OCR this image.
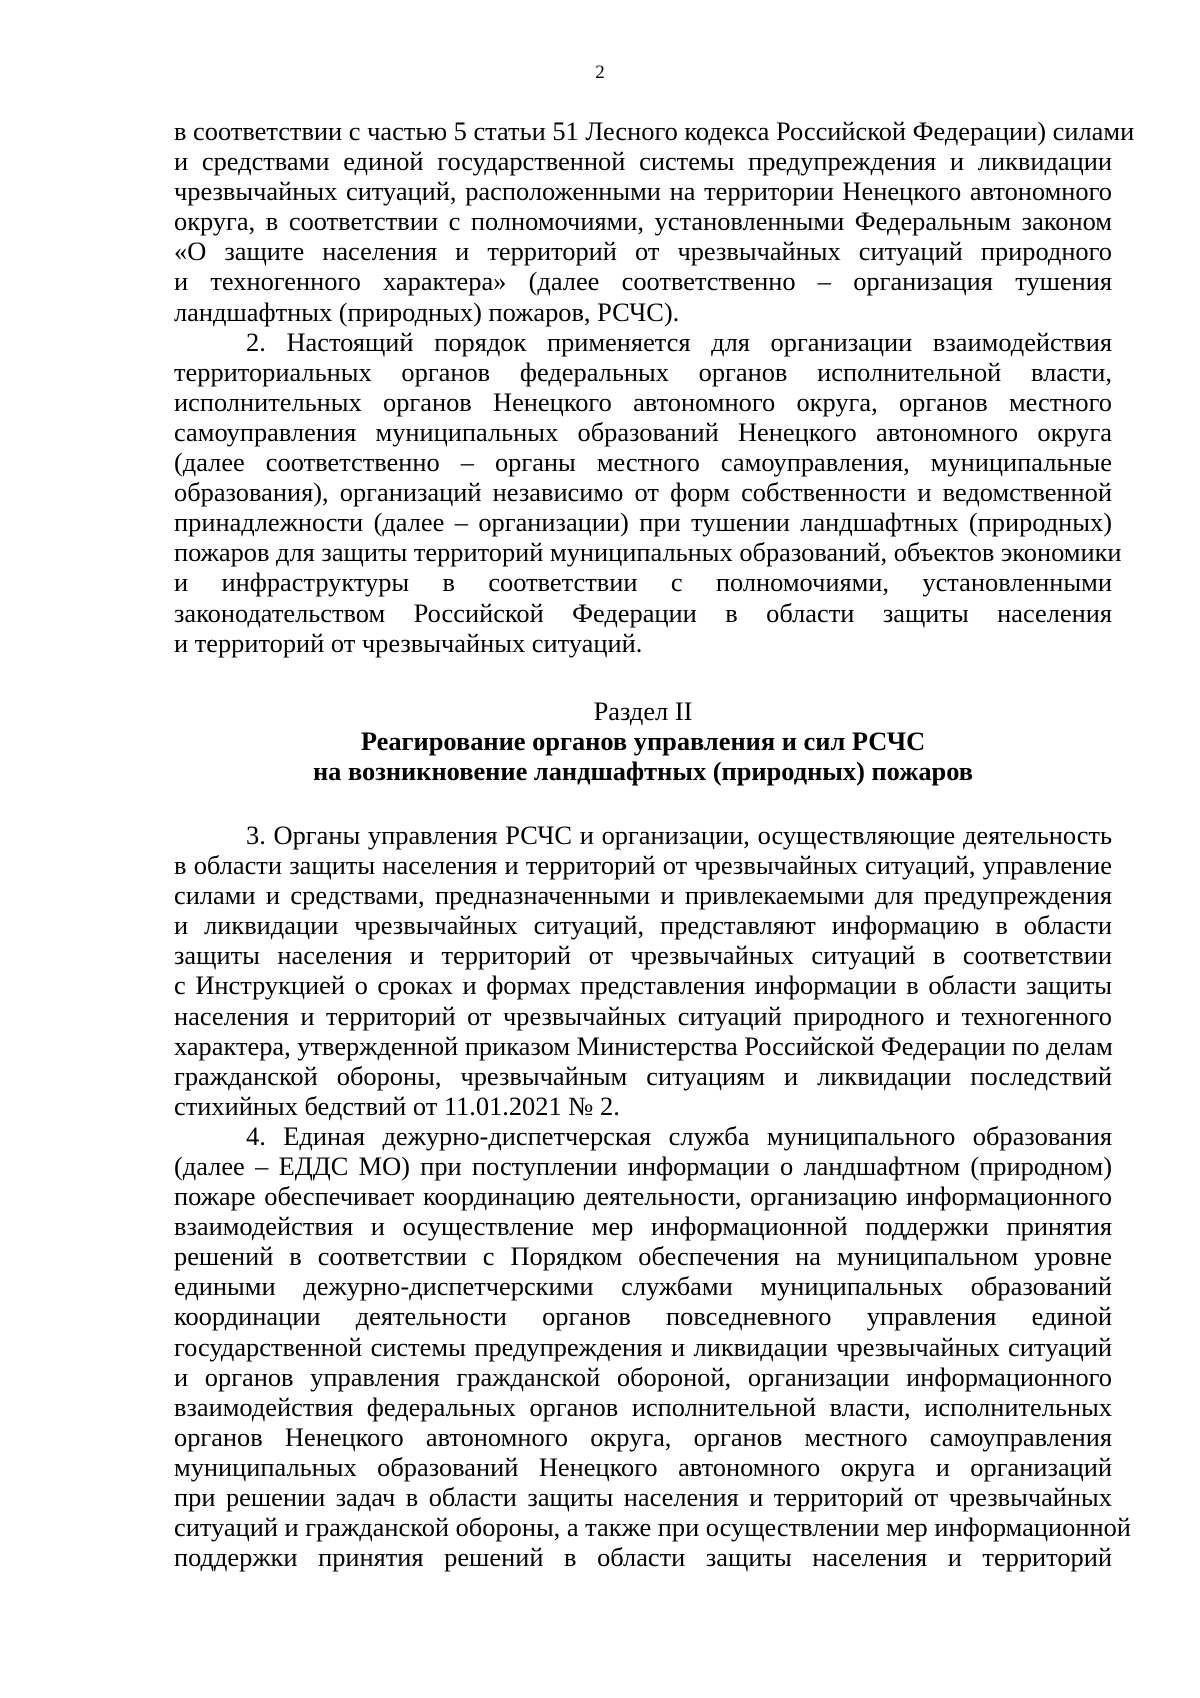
2
в соответствии с частью 5 статьи 51 Лесного кодекса Российской Федерации) силами
и средствами единой государственной системы предупреждения и ликвидации
чрезвычайных ситуаций, расположенными на территории Ненецкого автономного
округа, в соответствии с полномочиями, установленными Федеральным законом
«О защите населения и территорий от чрезвычайных ситуаций природного
и техногенного характера» (далее соответственно – организация тушения
ландшафтных (природных) пожаров, РСЧС).
2. Настоящий порядок применяется для организации взаимодействия
территориальных органов федеральных органов исполнительной власти,
исполнительных органов Ненецкого автономного округа, органов местного
самоуправления муниципальных образований Ненецкого автономного округа
(далее соответственно – органы местного самоуправления, муниципальные
образования), организаций независимо от форм собственности и ведомственной
принадлежности (далее – организации) при тушении ландшафтных (природных)
пожаров для защиты территорий муниципальных образований, объектов экономики
и инфраструктуры в соответствии с полномочиями, установленными
законодательством Российской Федерации в области защиты населения
и территорий от чрезвычайных ситуаций.
Раздел II
Реагирование органов управления и сил РСЧС
на возникновение ландшафтных (природных) пожаров
3. Органы управления РСЧС и организации, осуществляющие деятельность
в области защиты населения и территорий от чрезвычайных ситуаций, управление
силами и средствами, предназначенными и привлекаемыми для предупреждения
и ликвидации чрезвычайных ситуаций, представляют информацию в области
защиты населения и территорий от чрезвычайных ситуаций в соответствии
с Инструкцией о сроках и формах представления информации в области защиты
населения и территорий от чрезвычайных ситуаций природного и техногенного
характера, утвержденной приказом Министерства Российской Федерации по делам
гражданской обороны, чрезвычайным ситуациям и ликвидации последствий
стихийных бедствий от 11.01.2021 № 2.
4. Единая дежурно-диспетчерская служба муниципального образования
(далее – ЕДДС МО) при поступлении информации о ландшафтном (природном)
пожаре обеспечивает координацию деятельности, организацию информационного
взаимодействия и осуществление мер информационной поддержки принятия
решений в соответствии с Порядком обеспечения на муниципальном уровне
едиными дежурно-диспетчерскими службами муниципальных образований
координации деятельности органов повседневного управления единой
государственной системы предупреждения и ликвидации чрезвычайных ситуаций
и органов управления гражданской обороной, организации информационного
взаимодействия федеральных органов исполнительной власти, исполнительных
органов Ненецкого автономного округа, органов местного самоуправления
муниципальных образований Ненецкого автономного округа и организаций
при решении задач в области защиты населения и территорий от чрезвычайных
ситуаций и гражданской обороны, а также при осуществлении мер информационной
поддержки принятия решений в области защиты населения и территорий
